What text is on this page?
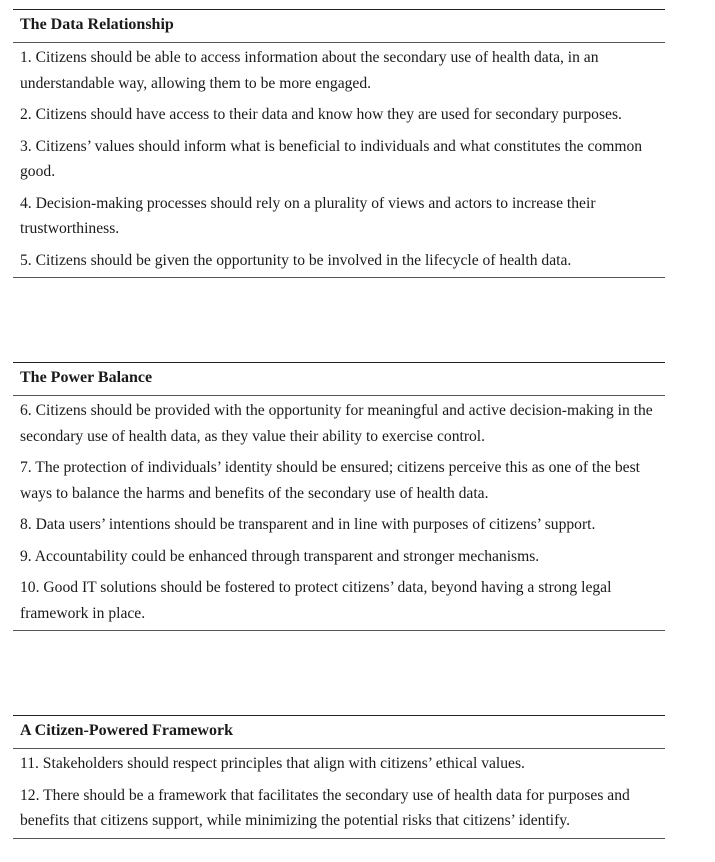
The Data Relationship
1. Citizens should be able to access information about the secondary use of health data, in an understandable way, allowing them to be more engaged.
2. Citizens should have access to their data and know how they are used for secondary purposes.
3. Citizens’ values should inform what is beneficial to individuals and what constitutes the common good.
4. Decision-making processes should rely on a plurality of views and actors to increase their trustworthiness.
5. Citizens should be given the opportunity to be involved in the lifecycle of health data.
The Power Balance
6. Citizens should be provided with the opportunity for meaningful and active decision-making in the secondary use of health data, as they value their ability to exercise control.
7. The protection of individuals’ identity should be ensured; citizens perceive this as one of the best ways to balance the harms and benefits of the secondary use of health data.
8. Data users’ intentions should be transparent and in line with purposes of citizens’ support.
9. Accountability could be enhanced through transparent and stronger mechanisms.
10. Good IT solutions should be fostered to protect citizens’ data, beyond having a strong legal framework in place.
A Citizen-Powered Framework
11. Stakeholders should respect principles that align with citizens’ ethical values.
12. There should be a framework that facilitates the secondary use of health data for purposes and benefits that citizens support, while minimizing the potential risks that citizens’ identify.
